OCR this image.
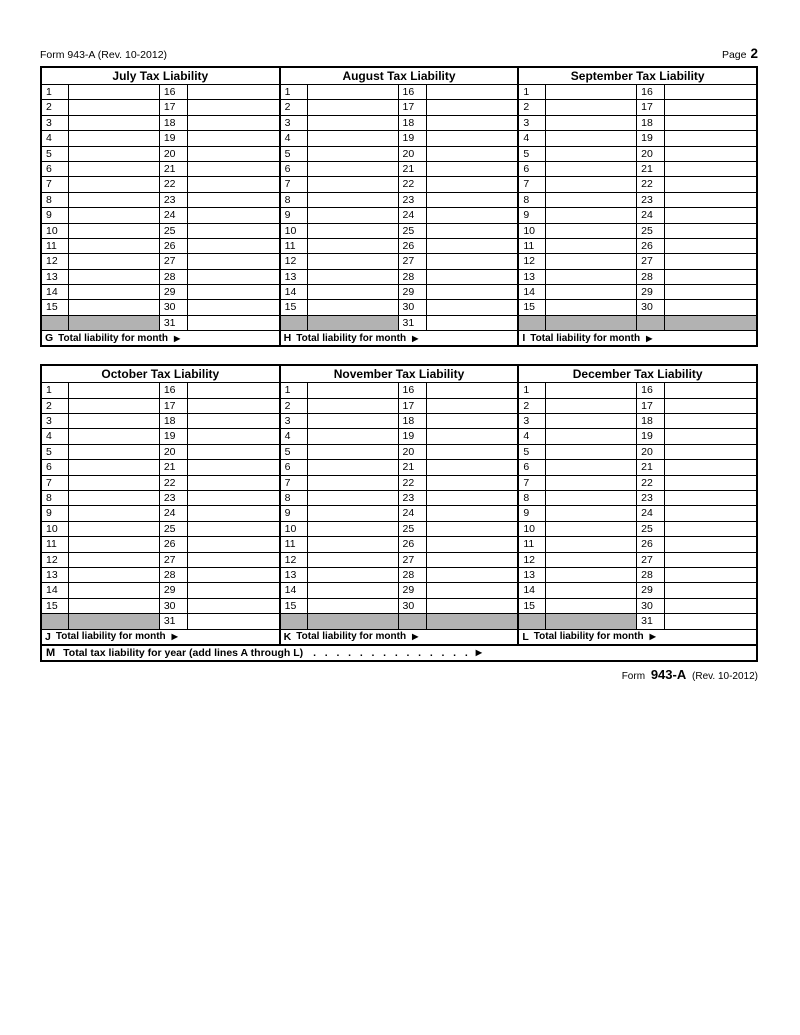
Form 943-A (Rev. 10-2012)	Page 2
July Tax Liability
1	16
2	17
3	18
4	19
5	20
6	21
7	22
8	23
9	24
10	25
11	26
12	27
13	28
14	29
15	30
31
G Total liability for month ▶
August Tax Liability
1	16
2	17
3	18
4	19
5	20
6	21
7	22
8	23
9	24
10	25
11	26
12	27
13	28
14	29
15	30
31
H Total liability for month ▶
September Tax Liability
1	16
2	17
3	18
4	19
5	20
6	21
7	22
8	23
9	24
10	25
11	26
12	27
13	28
14	29
15	30
I Total liability for month ▶
October Tax Liability
1	16
2	17
3	18
4	19
5	20
6	21
7	22
8	23
9	24
10	25
11	26
12	27
13	28
14	29
15	30
31
J Total liability for month ▶
November Tax Liability
1	16
2	17
3	18
4	19
5	20
6	21
7	22
8	23
9	24
10	25
11	26
12	27
13	28
14	29
15	30
K Total liability for month ▶
December Tax Liability
1	16
2	17
3	18
4	19
5	20
6	21
7	22
8	23
9	24
10	25
11	26
12	27
13	28
14	29
15	30
31
L Total liability for month ▶
M Total tax liability for year (add lines A through L) .   .   .   .   .   .   .   .   .   .   .   .   .   . ▶
Form 943-A (Rev. 10-2012)
